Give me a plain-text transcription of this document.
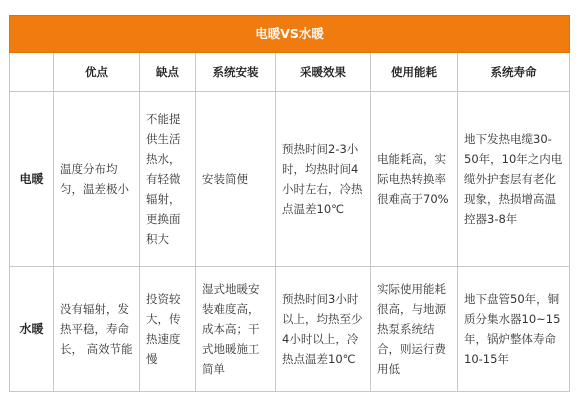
电暖VS水暖						
	优点	缺点	系统安装	采暖效果	使用能耗	系统寿命
电暖	温度分布均匀，温差极小	不能提供生活热水，有轻微辐射，更换面积大	安装简便	预热时间2-3小时，均热时间4小时左右，冷热点温差10℃	电能耗高，实际电热转换率很难高于70%	地下发热电缆30-50年，10年之内电缆外护套层有老化现象，热损增高温控器3-8年
水暖	没有辐射，发热平稳，寿命长， 高效节能	投资较大，传热速度慢	湿式地暖安装难度高，成本高；干式地暖施工简单	预热时间3小时以上，均热至少4小时以上，冷热点温差10℃	实际使用能耗很高，与地源热泵系统结合，则运行费用低	地下盘管50年，铜质分集水器10~15年，锅炉整体寿命10-15年
